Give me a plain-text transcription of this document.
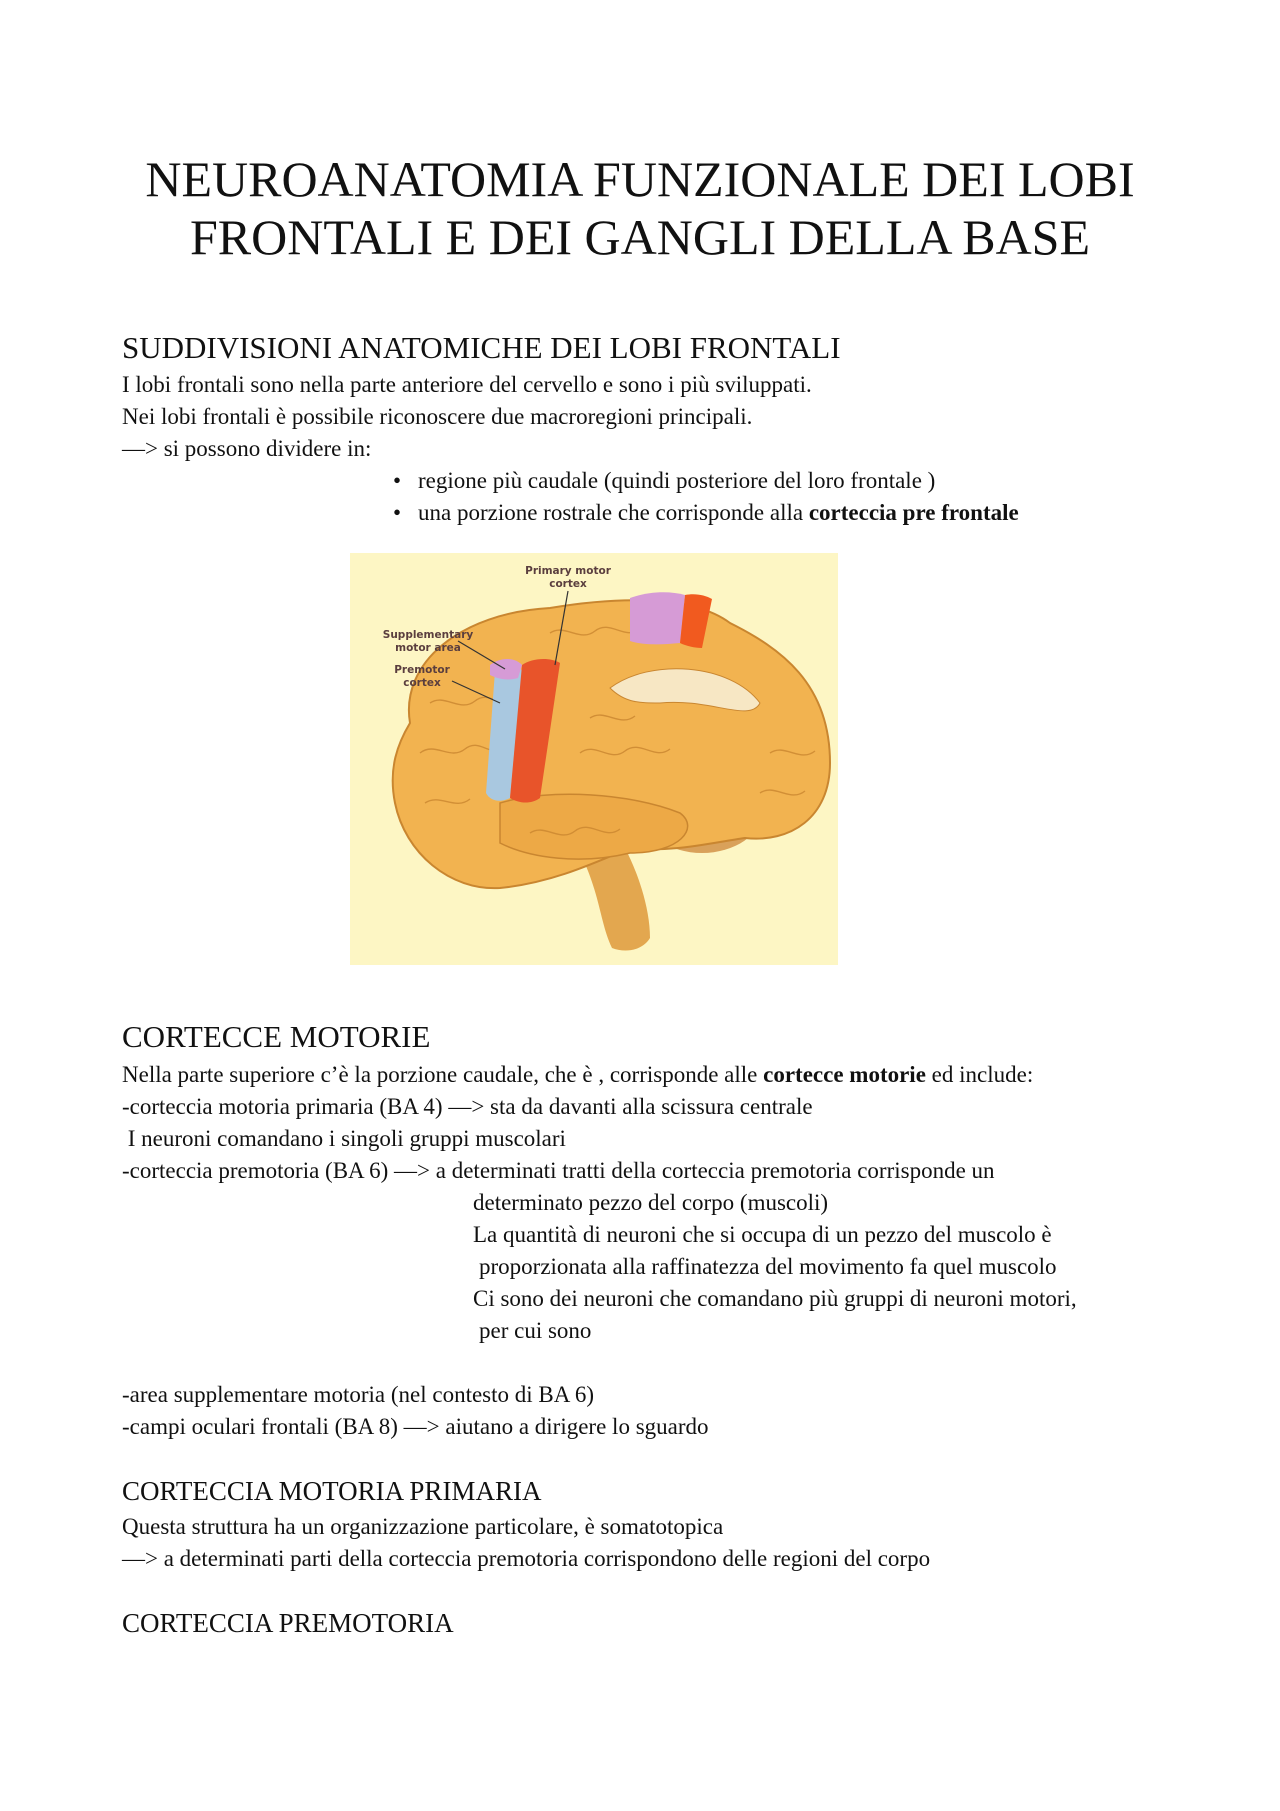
NEUROANATOMIA FUNZIONALE DEI LOBI
FRONTALI E DEI GANGLI DELLA BASE
SUDDIVISIONI ANATOMICHE DEI LOBI FRONTALI

I lobi frontali sono nella parte anteriore del cervello e sono i più sviluppati.

Nei lobi frontali è possibile riconoscere due macroregioni principali.

—> si possono dividere in:

• regione più caudale (quindi posteriore del loro frontale )
• una porzione rostrale che corrisponde alla corteccia pre frontale
Primary motor
cortex
Supplementary
motor area
Premotor
cortex
CORTECCE MOTORIE

Nella parte superiore c’è la porzione caudale, che è , corrisponde alle cortecce motorie ed include:

-corteccia motoria primaria (BA 4) —> sta da davanti alla scissura centrale

I neuroni comandano i singoli gruppi muscolari

-corteccia premotoria (BA 6) —> a determinati tratti della corteccia premotoria corrisponde un

determinato pezzo del corpo (muscoli)

La quantità di neuroni che si occupa di un pezzo del muscolo è

proporzionata alla raffinatezza del movimento fa quel muscolo

Ci sono dei neuroni che comandano più gruppi di neuroni motori,

per cui sono

-area supplementare motoria (nel contesto di BA 6)

-campi oculari frontali (BA 8) —> aiutano a dirigere lo sguardo

CORTECCIA MOTORIA PRIMARIA

Questa struttura ha un organizzazione particolare, è somatotopica

—> a determinati parti della corteccia premotoria corrispondono delle regioni del corpo

CORTECCIA PREMOTORIA
